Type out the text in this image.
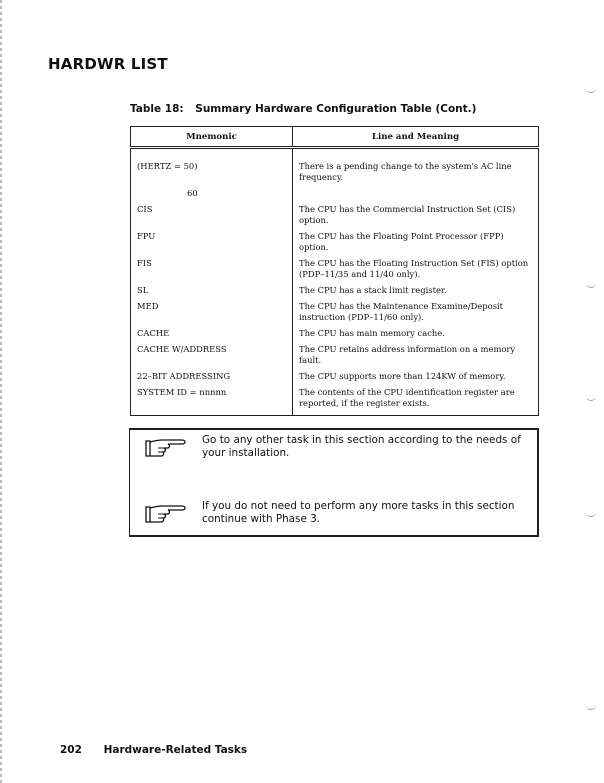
HARDWR LIST
Table 18: Summary Hardware Configuration Table (Cont.)
Mnemonic	Line and Meaning
(HERTZ = 50)	There is a pending change to the system's AC line frequency.
60	
CIS	The CPU has the Commercial Instruction Set (CIS) option.
FPU	The CPU has the Floating Point Processor (FPP) option.
FIS	The CPU has the Floating Instruction Set (FIS) option (PDP–11/35 and 11/40 only).
SL	The CPU has a stack limit register.
MED	The CPU has the Maintenance Examine/Deposit instruction (PDP–11/60 only).
CACHE	The CPU has main memory cache.
CACHE W/ADDRESS	The CPU retains address information on a memory fault.
22–BIT ADDRESSING	The CPU supports more than 124KW of memory.
SYSTEM ID = nnnnn	The contents of the CPU identification register are reported, if the register exists.
Go to any other task in this section according to the needs of your installation.
If you do not need to perform any more tasks in this section continue with Phase 3.
202 Hardware-Related Tasks
